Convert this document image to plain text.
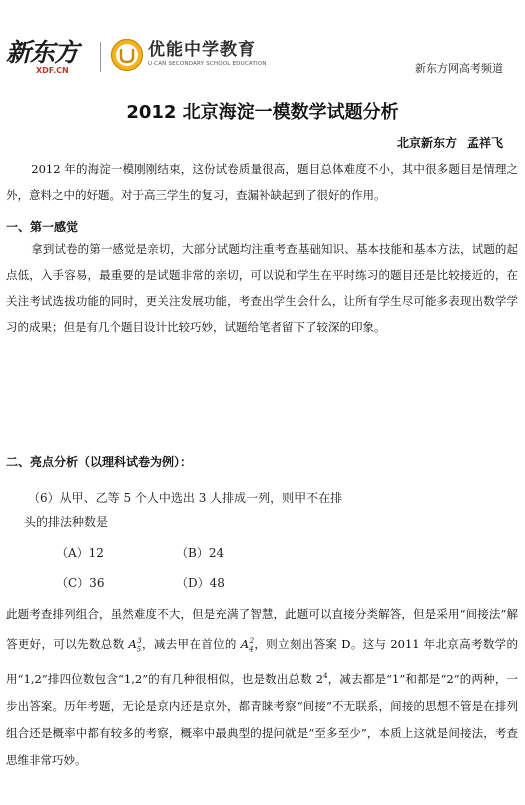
新东方
XDF.CN
优能中学教育
U·CAN SECONDARY SCHOOL EDUCATION	新东方网高考频道
2012 北京海淀一模数学试题分析
北京新东方 孟祥飞
2012 年的海淀一模刚刚结束，这份试卷质量很高，题目总体难度不小，其中很多题目是情理之外，意料之中的好题。对于高三学生的复习，查漏补缺起到了很好的作用。
一、第一感觉
拿到试卷的第一感觉是亲切，大部分试题均注重考查基础知识、基本技能和基本方法，试题的起点低，入手容易，最重要的是试题非常的亲切，可以说和学生在平时练习的题目还是比较接近的，在关注考试选拔功能的同时，更关注发展功能，考查出学生会什么，让所有学生尽可能多表现出数学学习的成果；但是有几个题目设计比较巧妙，试题给笔者留下了较深的印象。
二、亮点分析（以理科试卷为例）：
（6）从甲、乙等 5 个人中选出 3 人排成一列，则甲不在排
头的排法种数是
（A）12	（B）24
（C）36	（D）48
此题考查排列组合，虽然难度不大，但是充满了智慧，此题可以直接分类解答，但是采用“间接法”解答更好，可以先数总数 $A_5^3$，减去甲在首位的 $A_4^2$，则立刻出答案 D。这与 2011 年北京高考数学的用“1,2”排四位数包含“1,2”的有几种很相似，也是数出总数 $2^4$，减去都是“1”和都是“2”的两种，一步出答案。历年考题，无论是京内还是京外，都青睐考察“间接”不无联系，间接的思想不管是在排列组合还是概率中都有较多的考察，概率中最典型的提问就是“至多至少”，本质上这就是间接法，考查思维非常巧妙。
